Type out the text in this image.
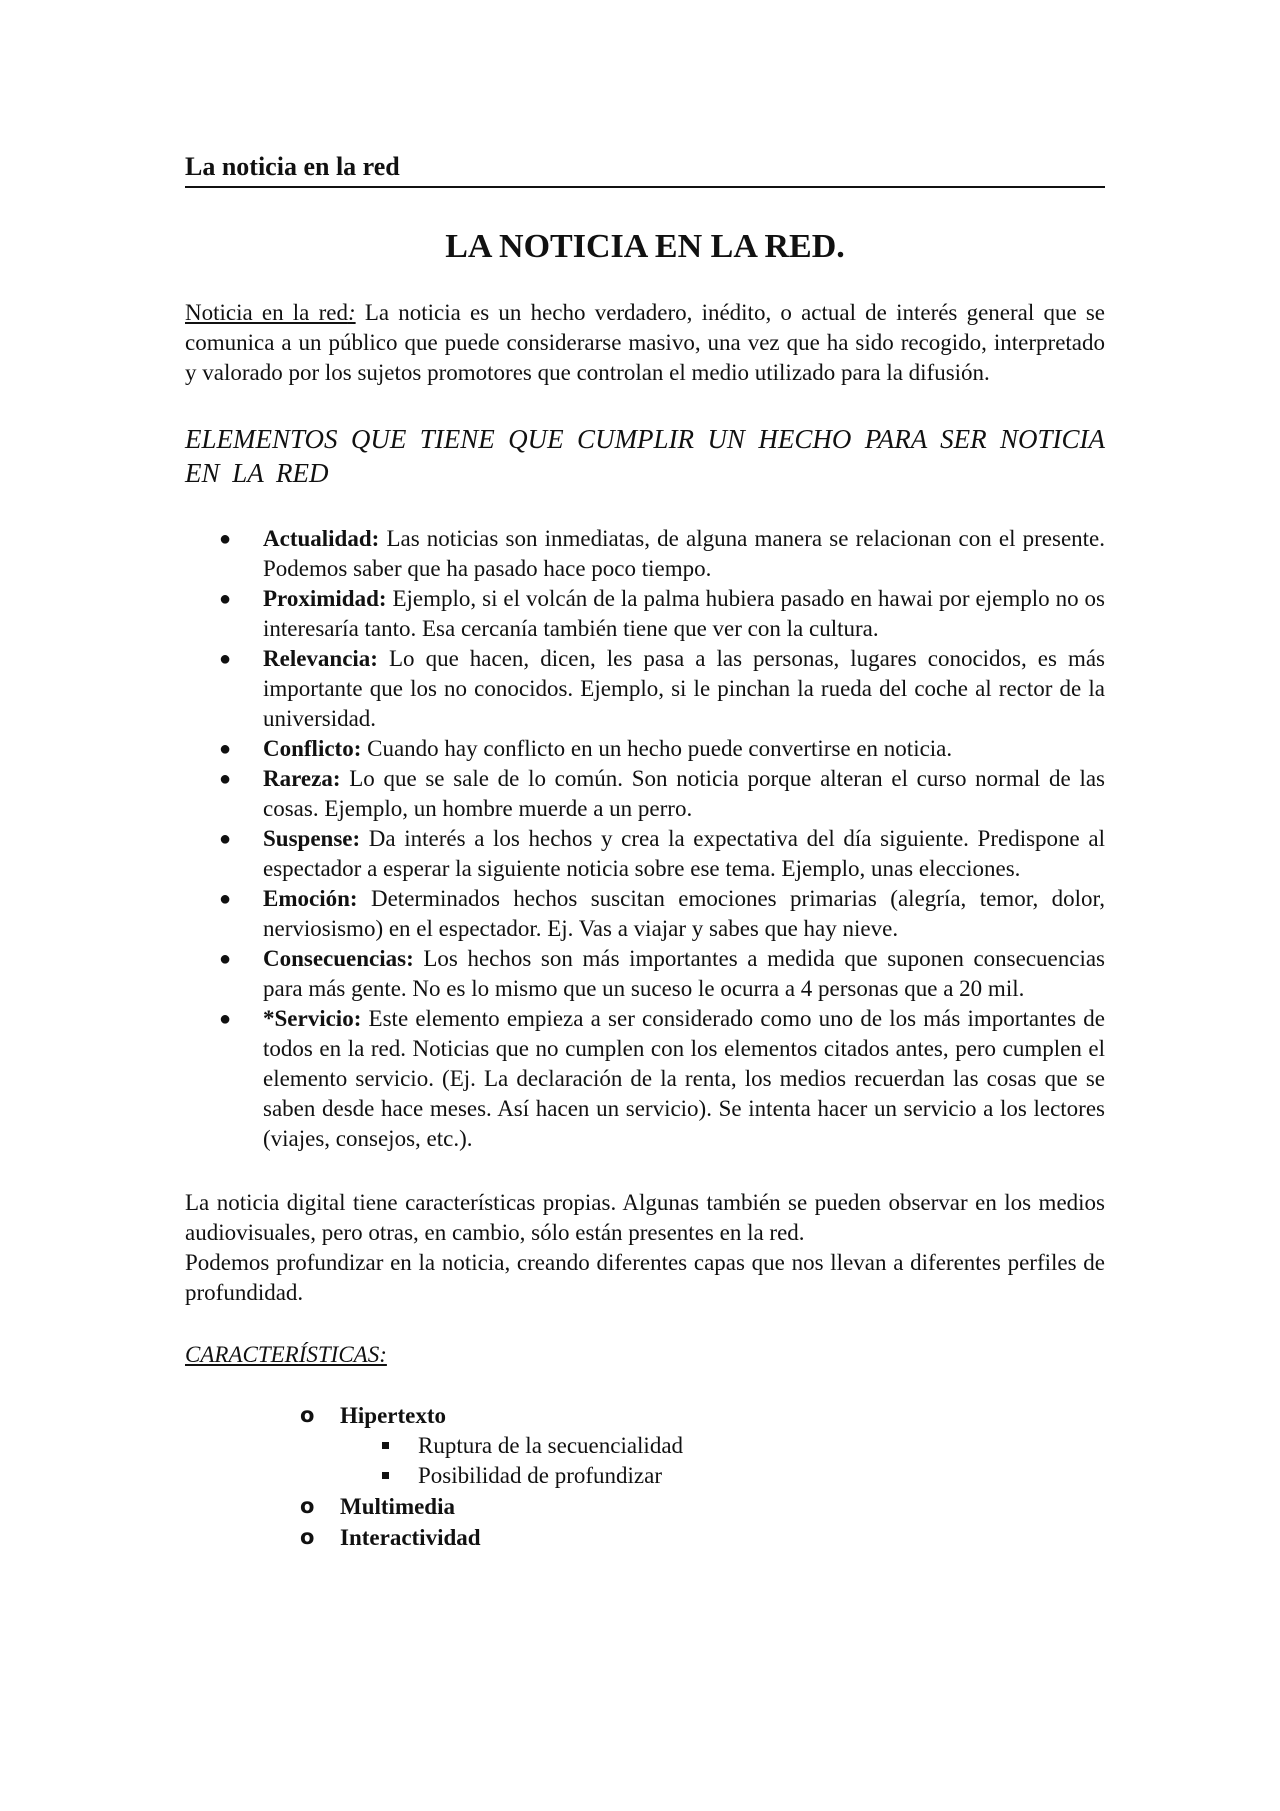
La noticia en la red

LA NOTICIA EN LA RED.

Noticia en la red: La noticia es un hecho verdadero, inédito, o actual de interés general que se comunica a un público que puede considerarse masivo, una vez que ha sido recogido, interpretado y valorado por los sujetos promotores que controlan el medio utilizado para la difusión.

ELEMENTOS QUE TIENE QUE CUMPLIR UN HECHO PARA SER NOTICIA EN LA RED
● Actualidad: Las noticias son inmediatas, de alguna manera se relacionan con el presente. Podemos saber que ha pasado hace poco tiempo.
● Proximidad: Ejemplo, si el volcán de la palma hubiera pasado en hawai por ejemplo no os interesaría tanto. Esa cercanía también tiene que ver con la cultura.
● Relevancia: Lo que hacen, dicen, les pasa a las personas, lugares conocidos, es más importante que los no conocidos. Ejemplo, si le pinchan la rueda del coche al rector de la universidad.
● Conflicto: Cuando hay conflicto en un hecho puede convertirse en noticia.
● Rareza: Lo que se sale de lo común. Son noticia porque alteran el curso normal de las cosas. Ejemplo, un hombre muerde a un perro.
● Suspense: Da interés a los hechos y crea la expectativa del día siguiente. Predispone al espectador a esperar la siguiente noticia sobre ese tema. Ejemplo, unas elecciones.
● Emoción: Determinados hechos suscitan emociones primarias (alegría, temor, dolor, nerviosismo) en el espectador. Ej. Vas a viajar y sabes que hay nieve.
● Consecuencias: Los hechos son más importantes a medida que suponen consecuencias para más gente. No es lo mismo que un suceso le ocurra a 4 personas que a 20 mil.
● *Servicio: Este elemento empieza a ser considerado como uno de los más importantes de todos en la red. Noticias que no cumplen con los elementos citados antes, pero cumplen el elemento servicio. (Ej. La declaración de la renta, los medios recuerdan las cosas que se saben desde hace meses. Así hacen un servicio). Se intenta hacer un servicio a los lectores (viajes, consejos, etc.).

La noticia digital tiene características propias. Algunas también se pueden observar en los medios audiovisuales, pero otras, en cambio, sólo están presentes en la red.

Podemos profundizar en la noticia, creando diferentes capas que nos llevan a diferentes perfiles de profundidad.

CARACTERÍSTICAS:
o Hipertexto
Ruptura de la secuencialidad
Posibilidad de profundizar
o Multimedia
o Interactividad
